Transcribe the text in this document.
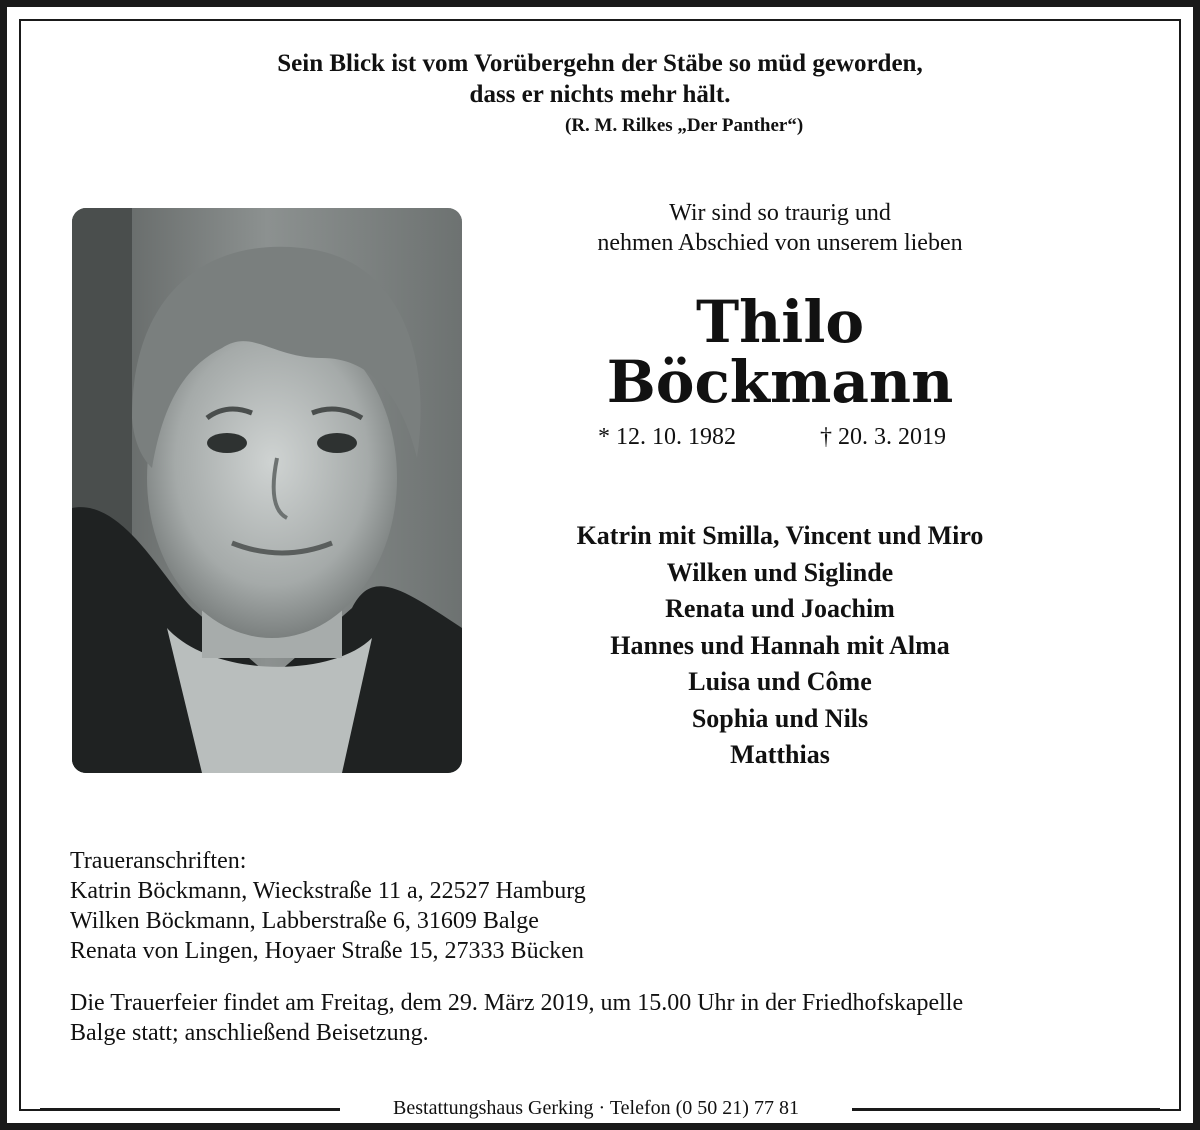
Sein Blick ist vom Vorübergehn der Stäbe so müd geworden,
dass er nichts mehr hält.
(R. M. Rilkes „Der Panther“)
Wir sind so traurig und
nehmen Abschied von unserem lieben
Thilo
Böckmann
* 12. 10. 1982	† 20. 3. 2019
Katrin mit Smilla, Vincent und Miro
Wilken und Siglinde
Renata und Joachim
Hannes und Hannah mit Alma
Luisa und Côme
Sophia und Nils
Matthias
Traueranschriften:
Katrin Böckmann, Wieckstraße 11 a, 22527 Hamburg
Wilken Böckmann, Labberstraße 6, 31609 Balge
Renata von Lingen, Hoyaer Straße 15, 27333 Bücken
Die Trauerfeier findet am Freitag, dem 29. März 2019, um 15.00 Uhr in der Friedhofskapelle
Balge statt; anschließend Beisetzung.
Bestattungshaus Gerking · Telefon (0 50 21) 77 81
